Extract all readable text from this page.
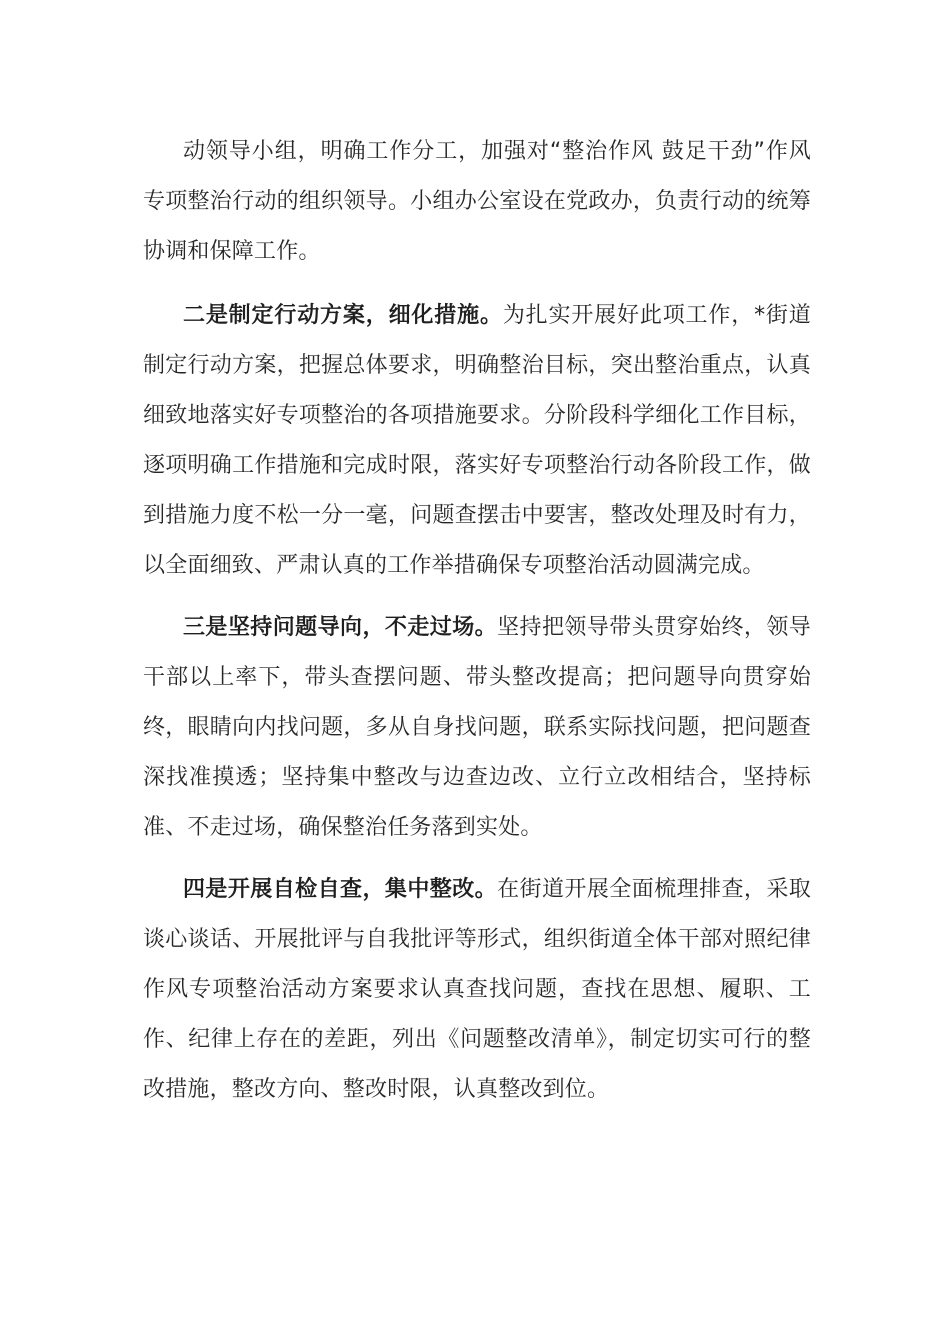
动领导小组，明确工作分工，加强对“整治作风 鼓足干劲”作风专项整治行动的组织领导。小组办公室设在党政办，负责行动的统筹协调和保障工作。

二是制定行动方案，细化措施。为扎实开展好此项工作，*街道制定行动方案，把握总体要求，明确整治目标，突出整治重点，认真细致地落实好专项整治的各项措施要求。分阶段科学细化工作目标，逐项明确工作措施和完成时限，落实好专项整治行动各阶段工作，做到措施力度不松一分一毫，问题查摆击中要害，整改处理及时有力，以全面细致、严肃认真的工作举措确保专项整治活动圆满完成。

三是坚持问题导向，不走过场。坚持把领导带头贯穿始终，领导干部以上率下，带头查摆问题、带头整改提高；把问题导向贯穿始终，眼睛向内找问题，多从自身找问题，联系实际找问题，把问题查深找准摸透；坚持集中整改与边查边改、立行立改相结合，坚持标准、不走过场，确保整治任务落到实处。

四是开展自检自查，集中整改。在街道开展全面梳理排查，采取谈心谈话、开展批评与自我批评等形式，组织街道全体干部对照纪律作风专项整治活动方案要求认真查找问题，查找在思想、履职、工作、纪律上存在的差距，列出《问题整改清单》，制定切实可行的整改措施，整改方向、整改时限，认真整改到位。
